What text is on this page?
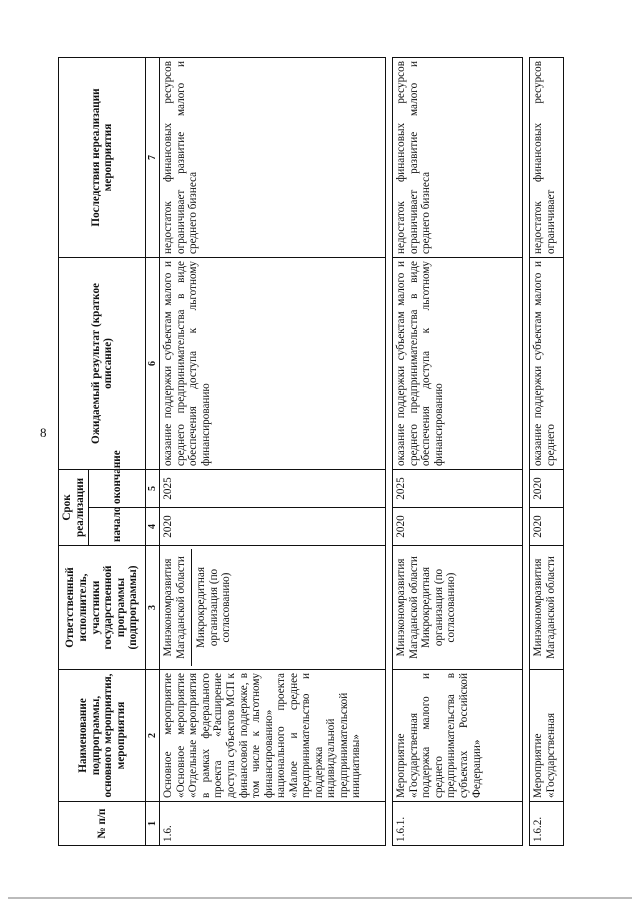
8
№ п/п	Наименование подпрограммы, основного мероприятия, мероприятия	Ответственный исполнитель, участники государственной программы (подпрограммы)	Срок реализации		Ожидаемый результат (краткое описание)	Последствия нереализации мероприятия
			начало	окончание		
1	2	3	4	5	6	7
1.6.	Основное мероприятие «Основное мероприятие «Отдельные мероприятия в рамках федерального проекта «Расширение доступа субъектов МСП к финансовой поддержке, в том числе к льготному финансированию» национального проекта «Малое и среднее предпринимательство и поддержка индивидуальной предпринимательской инициативы»	Минэкономразвития Магаданской области Микрокредитная организация (по согласованию)	2020	2025	оказание поддержки субъектам малого и среднего предпринимательства в виде обеспечения доступа к льготному финансированию	недостаток финансовых ресурсов ограничивает развитие малого и среднего бизнеса

1.6.1.	Мероприятие «Государственная поддержка малого и среднего предпринимательства в субъектах Российской Федерации»	Минэкономразвития Магаданской области Микрокредитная организация (по согласованию)	2020	2025	оказание поддержки субъектам малого и среднего предпринимательства в виде обеспечения доступа к льготному финансированию	недостаток финансовых ресурсов ограничивает развитие малого и среднего бизнеса

1.6.2.	Мероприятие «Государственная	Минэкономразвития Магаданской области	2020	2020	оказание поддержки субъектам малого и среднего	недостаток финансовых ресурсов ограничивает
